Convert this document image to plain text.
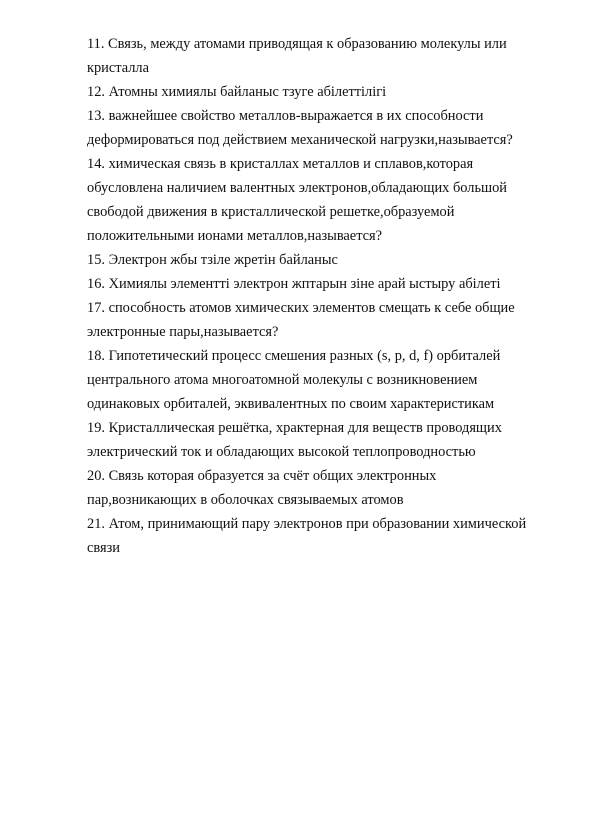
11. Связь, между атомами приводящая к образованию молекулы или
кристалла
12. Атомны химиялы байланыс тзуге абілеттілігі
13. важнейшее свойство металлов-выражается в их способности
деформироваться под действием механической нагрузки,называется?
14. химическая связь в кристаллах металлов и сплавов,которая
обусловлена наличием валентных электронов,обладающих большой
свободой движения в кристаллической решетке,образуемой
положительными ионами металлов,называется?
15. Электрон жбы тзіле жретін байланыс
16. Химиялы элементті электрон жптарын зіне арай ыстыру абілеті
17. способность атомов химических элементов смещать к себе общие
электронные пары,называется?
18. Гипотетический процесс смешения разных (s, p, d, f) орбиталей
центрального атома многоатомной молекулы с возникновением
одинаковых орбиталей, эквивалентных по своим характеристикам
19. Кристаллическая решётка, храктерная для веществ проводящих
электрический ток и обладающих высокой теплопроводностью
20. Связь которая образуется за счёт общих электронных
пар,возникающих в оболочках связываемых атомов
21. Атом, принимающий пару электронов при образовании химической
связи
